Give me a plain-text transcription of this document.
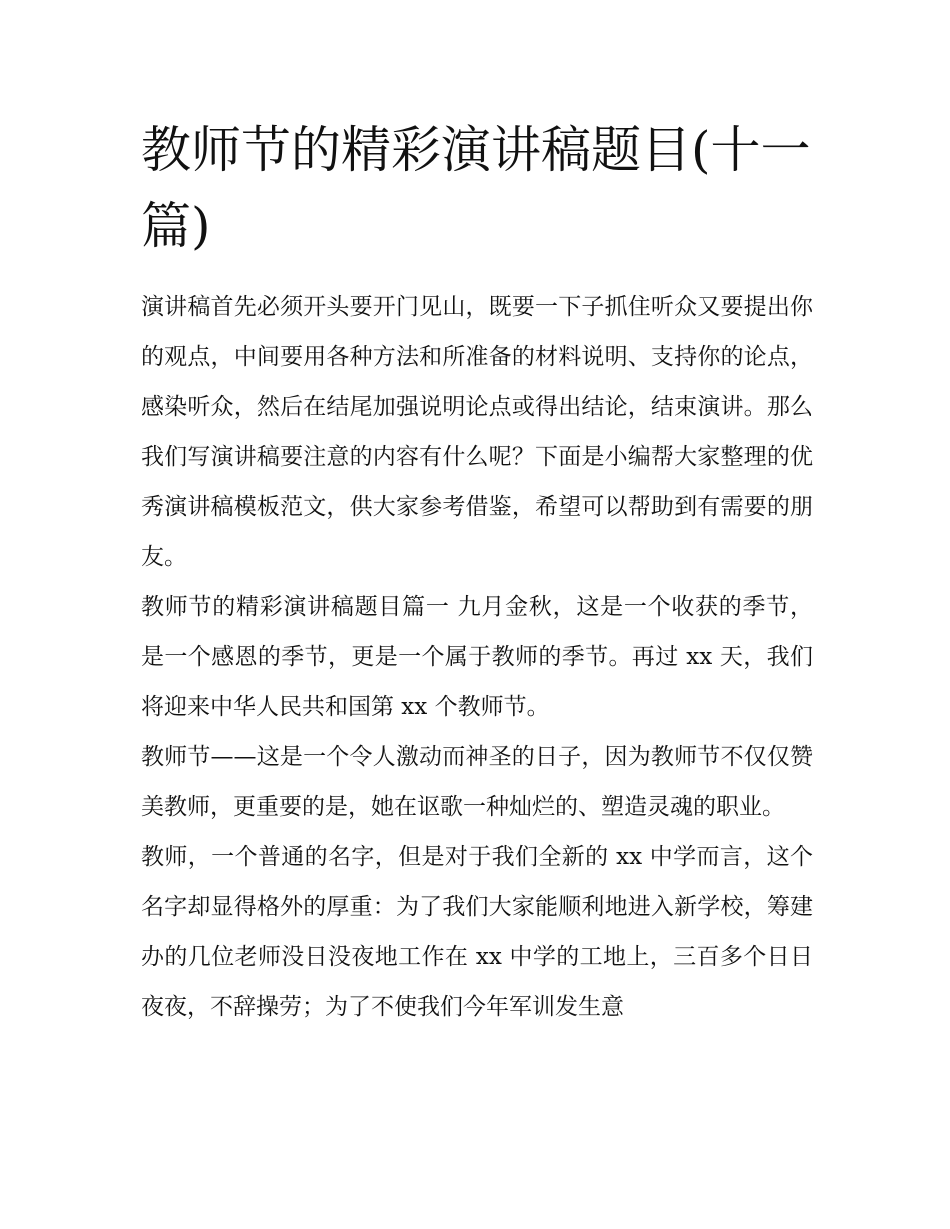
教师节的精彩演讲稿题目(十一篇)

演讲稿首先必须开头要开门见山，既要一下子抓住听众又要提出你的观点，中间要用各种方法和所准备的材料说明、支持你的论点，感染听众，然后在结尾加强说明论点或得出结论，结束演讲。那么我们写演讲稿要注意的内容有什么呢？下面是小编帮大家整理的优秀演讲稿模板范文，供大家参考借鉴，希望可以帮助到有需要的朋友。

教师节的精彩演讲稿题目篇一 九月金秋，这是一个收获的季节，是一个感恩的季节，更是一个属于教师的季节。再过 xx 天，我们将迎来中华人民共和国第 xx 个教师节。

教师节——这是一个令人激动而神圣的日子，因为教师节不仅仅赞美教师，更重要的是，她在讴歌一种灿烂的、塑造灵魂的职业。

教师，一个普通的名字，但是对于我们全新的 xx 中学而言，这个名字却显得格外的厚重：为了我们大家能顺利地进入新学校，筹建办的几位老师没日没夜地工作在 xx 中学的工地上，三百多个日日夜夜，不辞操劳；为了不使我们今年军训发生意
